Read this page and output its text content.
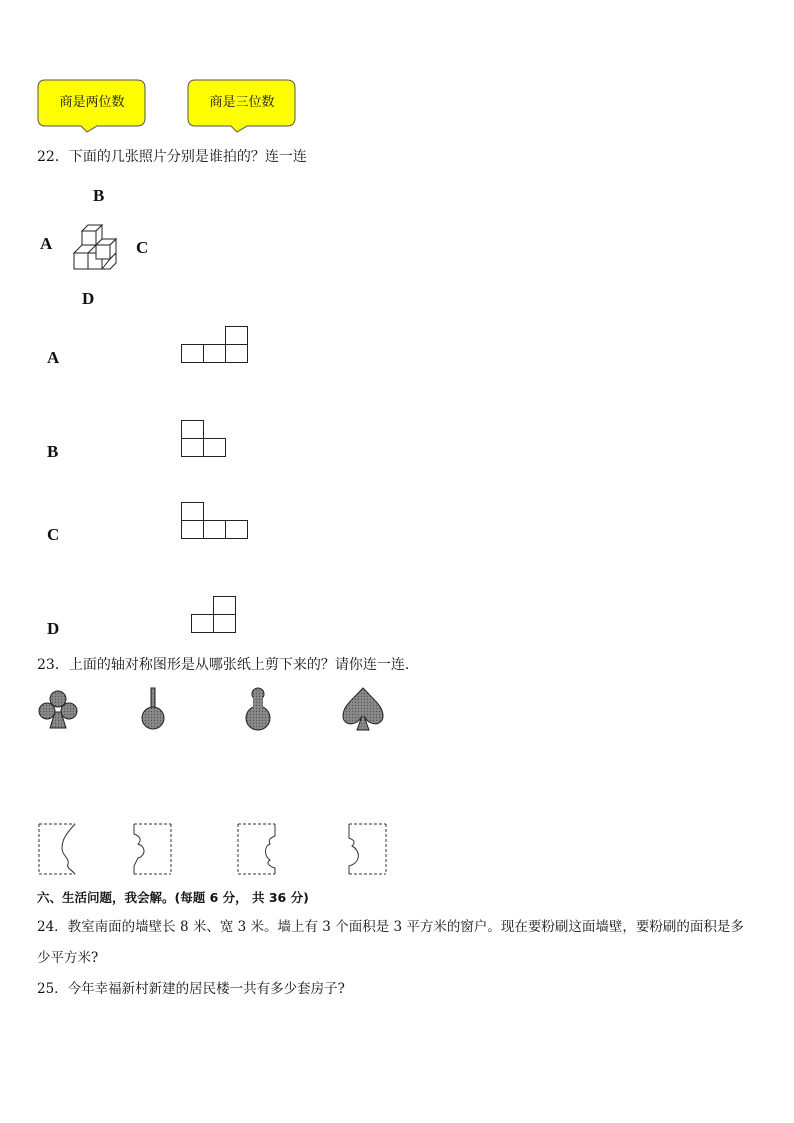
商是两位数	商是三位数
22．下面的几张照片分别是谁拍的？连一连
B
A	C
D
A
B
C
D
23．上面的轴对称图形是从哪张纸上剪下来的？请你连一连.
六、生活问题，我会解。(每题 6 分， 共 36 分)
24．教室南面的墙壁长 8 米、宽 3 米。墙上有 3 个面积是 3 平方米的窗户。现在要粉刷这面墙壁，要粉刷的面积是多
少平方米?
25．今年幸福新村新建的居民楼一共有多少套房子?
